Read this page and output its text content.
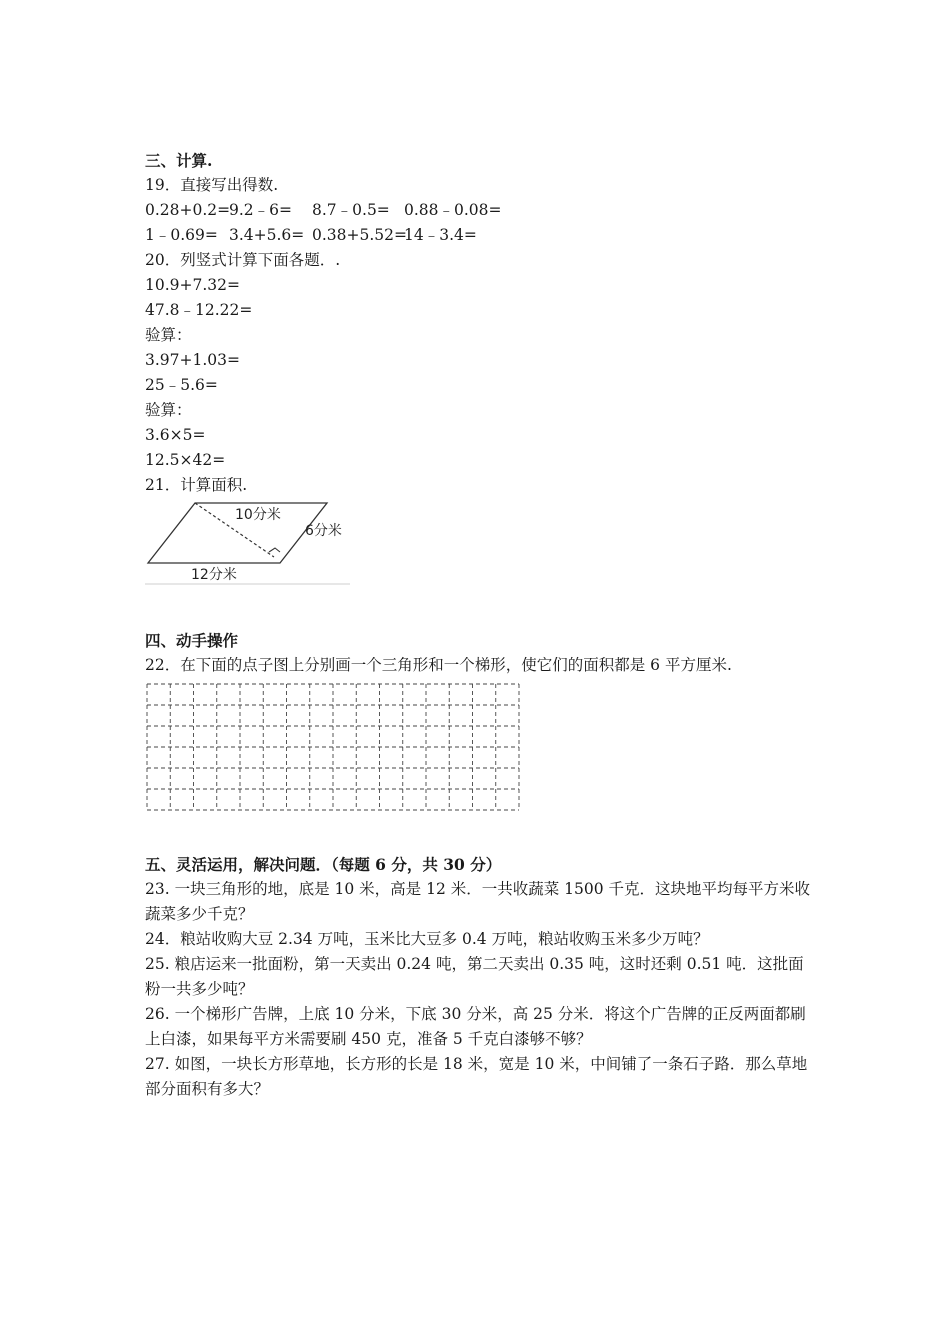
三、计算.
19．直接写出得数.
0.28+0.2=
9.2﹣6=	8.7﹣0.5= 0.88﹣0.08=
1﹣0.69= 3.4+5.6= 0.38+5.52=
14﹣3.4=
20．列竖式计算下面各题．.
10.9+7.32=
47.8﹣12.22=
验算：
3.97+1.03=
25﹣5.6=
验算：
3.6×5=
12.5×42=
21．计算面积.
10分米
6分米
12分米
四、动手操作
22．在下面的点子图上分别画一个三角形和一个梯形，使它们的面积都是 6 平方厘米.
五、灵活运用，解决问题．（每题 6 分，共 30 分）
23. 一块三角形的地，底是 10 米，高是 12 米．一共收蔬菜 1500 千克．这块地平均每平方米收蔬菜多少千克？
24．粮站收购大豆 2.34 万吨，玉米比大豆多 0.4 万吨，粮站收购玉米多少万吨？
25. 粮店运来一批面粉，第一天卖出 0.24 吨，第二天卖出 0.35 吨，这时还剩 0.51 吨．这批面粉一共多少吨？
26. 一个梯形广告牌，上底 10 分米，下底 30 分米，高 25 分米．将这个广告牌的正反两面都刷上白漆，如果每平方米需要刷 450 克，准备 5 千克白漆够不够？
27. 如图，一块长方形草地，长方形的长是 18 米，宽是 10 米，中间铺了一条石子路．那么草地部分面积有多大？
